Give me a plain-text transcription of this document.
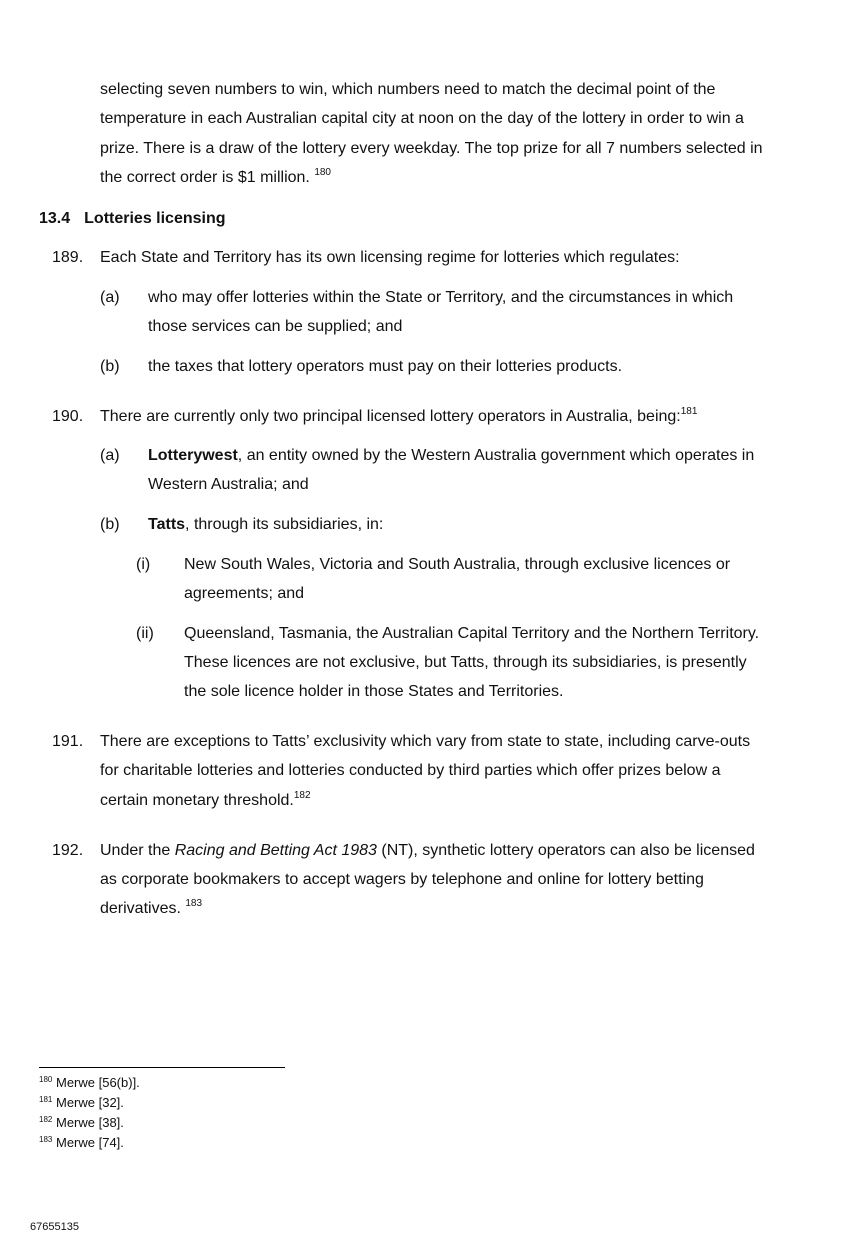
selecting seven numbers to win, which numbers need to match the decimal point of the
temperature in each Australian capital city at noon on the day of the lottery in order to win a
prize. There is a draw of the lottery every weekday. The top prize for all 7 numbers selected in
the correct order is $1 million. $^{180}$
13.4 Lotteries licensing
189. Each State and Territory has its own licensing regime for lotteries which regulates:
(a) who may offer lotteries within the State or Territory, and the circumstances in which
those services can be supplied; and
(b) the taxes that lottery operators must pay on their lotteries products.
190. There are currently only two principal licensed lottery operators in Australia, being:$^{181}$
(a) Lotterywest, an entity owned by the Western Australia government which operates in
Western Australia; and
(b) Tatts, through its subsidiaries, in:
(i) New South Wales, Victoria and South Australia, through exclusive licences or
agreements; and
(ii) Queensland, Tasmania, the Australian Capital Territory and the Northern Territory.
These licences are not exclusive, but Tatts, through its subsidiaries, is presently
the sole licence holder in those States and Territories.
191. There are exceptions to Tatts’ exclusivity which vary from state to state, including carve-outs
for charitable lotteries and lotteries conducted by third parties which offer prizes below a
certain monetary threshold.$^{182}$
192. Under the Racing and Betting Act 1983 (NT), synthetic lottery operators can also be licensed
as corporate bookmakers to accept wagers by telephone and online for lottery betting
derivatives. $^{183}$
$^{180}$ Merwe [56(b)].
$^{181}$ Merwe [32].
$^{182}$ Merwe [38].
$^{183}$ Merwe [74].
67655135
